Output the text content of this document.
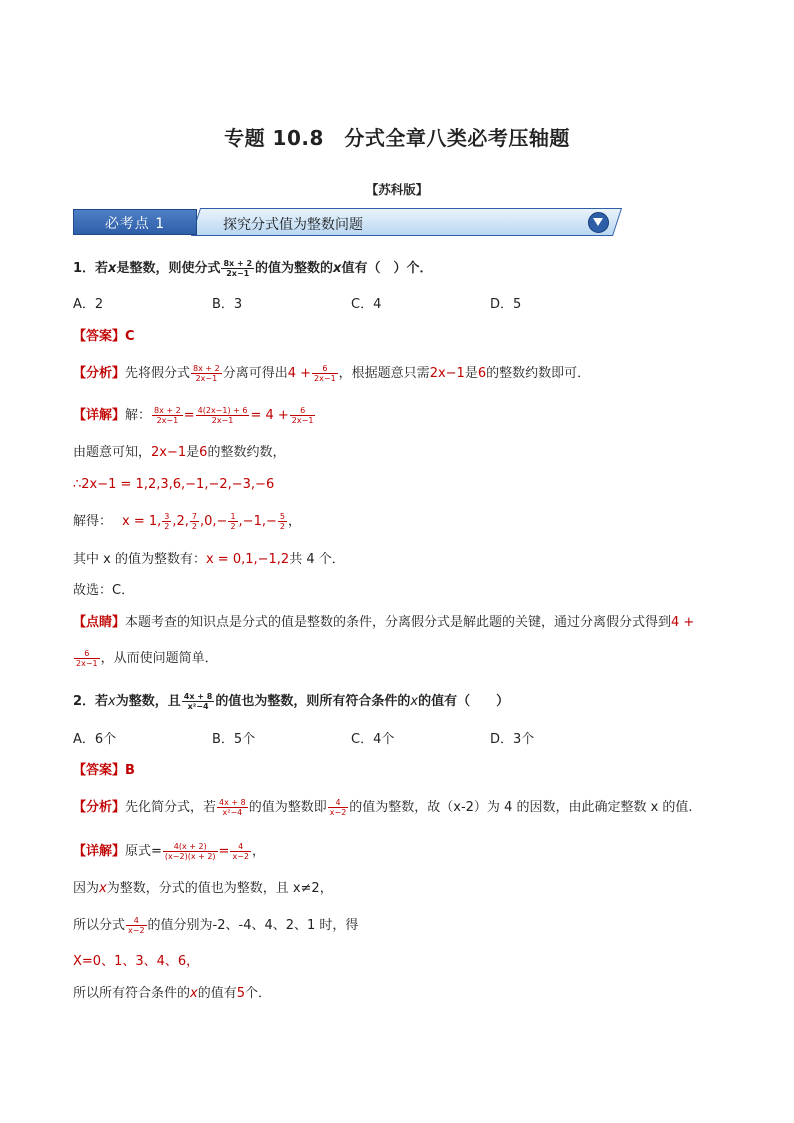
专题 10.8　分式全章八类必考压轴题
【苏科版】
必考点 1	探究分式值为整数问题
1．若x是整数，则使分式 $\frac{8x + 2}{2x-1}$ 的值为整数的x值有（　）个．
A．2	B．3	C．4	D．5
【答案】C
【分析】先将假分式 $\frac{8x + 2}{2x-1}$ 分离可得出$4 + \frac{6}{2x-1}$ ，根据题意只需2x−1是6的整数约数即可．
【详解】解： $\frac{8x + 2}{2x-1} = \frac{4(2x-1) + 6}{2x-1} = 4 + \frac{6}{2x-1}$
由题意可知，2x−1是6的整数约数，
∴2x−1 = 1,2,3,6,−1,−2,−3,−6
解得： x = 1, $\frac{3}{2} ,2$, $\frac{7}{2} ,0,- \frac{1}{2} ,-1,- \frac{5}{2}$ ，
其中 x 的值为整数有：x = 0,1,−1,2共 4 个．
故选：C．
【点睛】本题考查的知识点是分式的值是整数的条件，分离假分式是解此题的关键，通过分离假分式得到4 +
$\frac{6}{2x-1}$ ，从而使问题简单．
2．若x为整数，且 $\frac{4x + 8}{\text{x²−4}}$ 的值也为整数，则所有符合条件的x的值有（　　）
A．6个	B．5个	C．4个	D．3个
【答案】B
【分析】先化简分式，若 $\frac{4x + 8}{\text{x²−4}}$ 的值为整数即 $\frac{4}{x-2}$ 的值为整数，故（x-2）为 4 的因数，由此确定整数 x 的值.
【详解】原式= $\frac{4(x + 2)}{(x-2)(x + 2)} = \frac{4}{x-2}$ ，
因为x为整数，分式的值也为整数，且 x≠2，
所以分式 $\frac{4}{x-2}$ 的值分别为-2、-4、4、2、1 时，得
X=0、1、3、4、6，
所以所有符合条件的x的值有5个．
